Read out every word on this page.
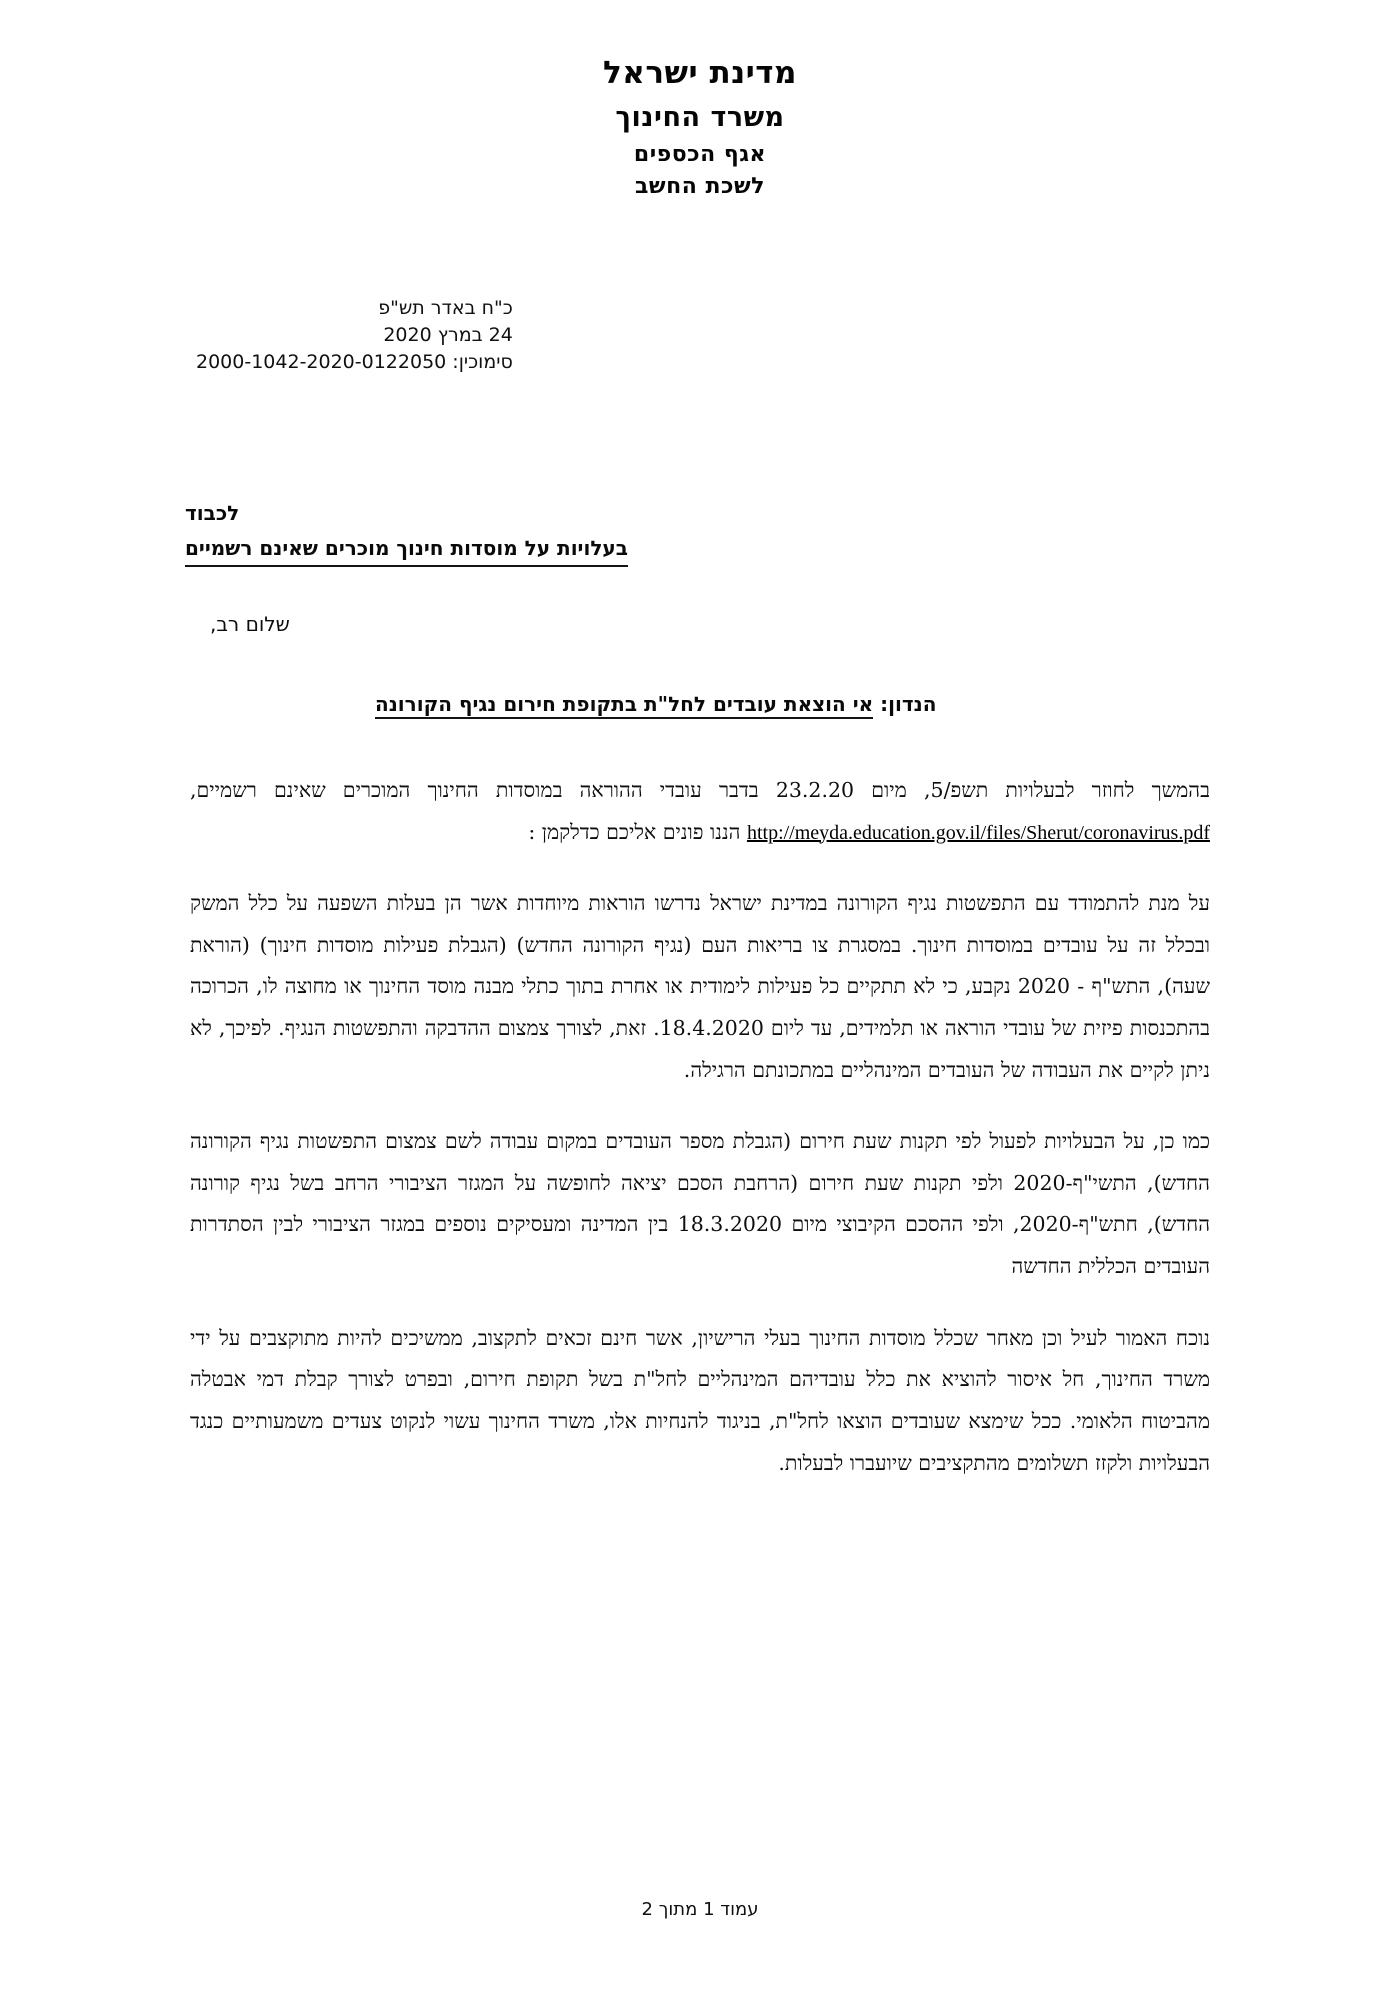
מדינת ישראל
משרד החינוך
אגף הכספים
לשכת החשב
כ"ח באדר תש"פ
24 במרץ 2020
סימוכין: 2000-1042-2020-0122050
לכבוד
בעלויות על מוסדות חינוך מוכרים שאינם רשמיים
שלום רב,
הנדון: אי הוצאת עובדים לחל"ת בתקופת חירום נגיף הקורונה

בהמשך לחוזר לבעלויות תשפ/5, מיום 23.2.20 בדבר עובדי ההוראה במוסדות החינוך המוכרים שאינם רשמיים, http://meyda.education.gov.il/files/Sherut/coronavirus.pdf הננו פונים אליכם כדלקמן :

על מנת להתמודד עם התפשטות נגיף הקורונה במדינת ישראל נדרשו הוראות מיוחדות אשר הן בעלות השפעה על כלל המשק ובכלל זה על עובדים במוסדות חינוך. במסגרת צו בריאות העם (נגיף הקורונה החדש) (הגבלת פעילות מוסדות חינוך) (הוראת שעה), התש"ף - 2020 נקבע, כי לא תתקיים כל פעילות לימודית או אחרת בתוך כתלי מבנה מוסד החינוך או מחוצה לו, הכרוכה בהתכנסות פיזית של עובדי הוראה או תלמידים, עד ליום 18.4.2020. זאת, לצורך צמצום ההדבקה והתפשטות הנגיף. לפיכך, לא ניתן לקיים את העבודה של העובדים המינהליים במתכונתם הרגילה.

כמו כן, על הבעלויות לפעול לפי תקנות שעת חירום (הגבלת מספר העובדים במקום עבודה לשם צמצום התפשטות נגיף הקורונה החדש), התשי"ף-2020 ולפי תקנות שעת חירום (הרחבת הסכם יציאה לחופשה על המגזר הציבורי הרחב בשל נגיף קורונה החדש), חתש"ף-2020, ולפי ההסכם הקיבוצי מיום 18.3.2020 בין המדינה ומעסיקים נוספים במגזר הציבורי לבין הסתדרות העובדים הכללית החדשה

נוכח האמור לעיל וכן מאחר שכלל מוסדות החינוך בעלי הרישיון, אשר חינם זכאים לתקצוב, ממשיכים להיות מתוקצבים על ידי משרד החינוך, חל איסור להוציא את כלל עובדיהם המינהליים לחל"ת בשל תקופת חירום, ובפרט לצורך קבלת דמי אבטלה מהביטוח הלאומי. ככל שימצא שעובדים הוצאו לחל"ת, בניגוד להנחיות אלו, משרד החינוך עשוי לנקוט צעדים משמעותיים כנגד הבעלויות ולקזז תשלומים מהתקציבים שיועברו לבעלות.

עמוד 1 מתוך 2
